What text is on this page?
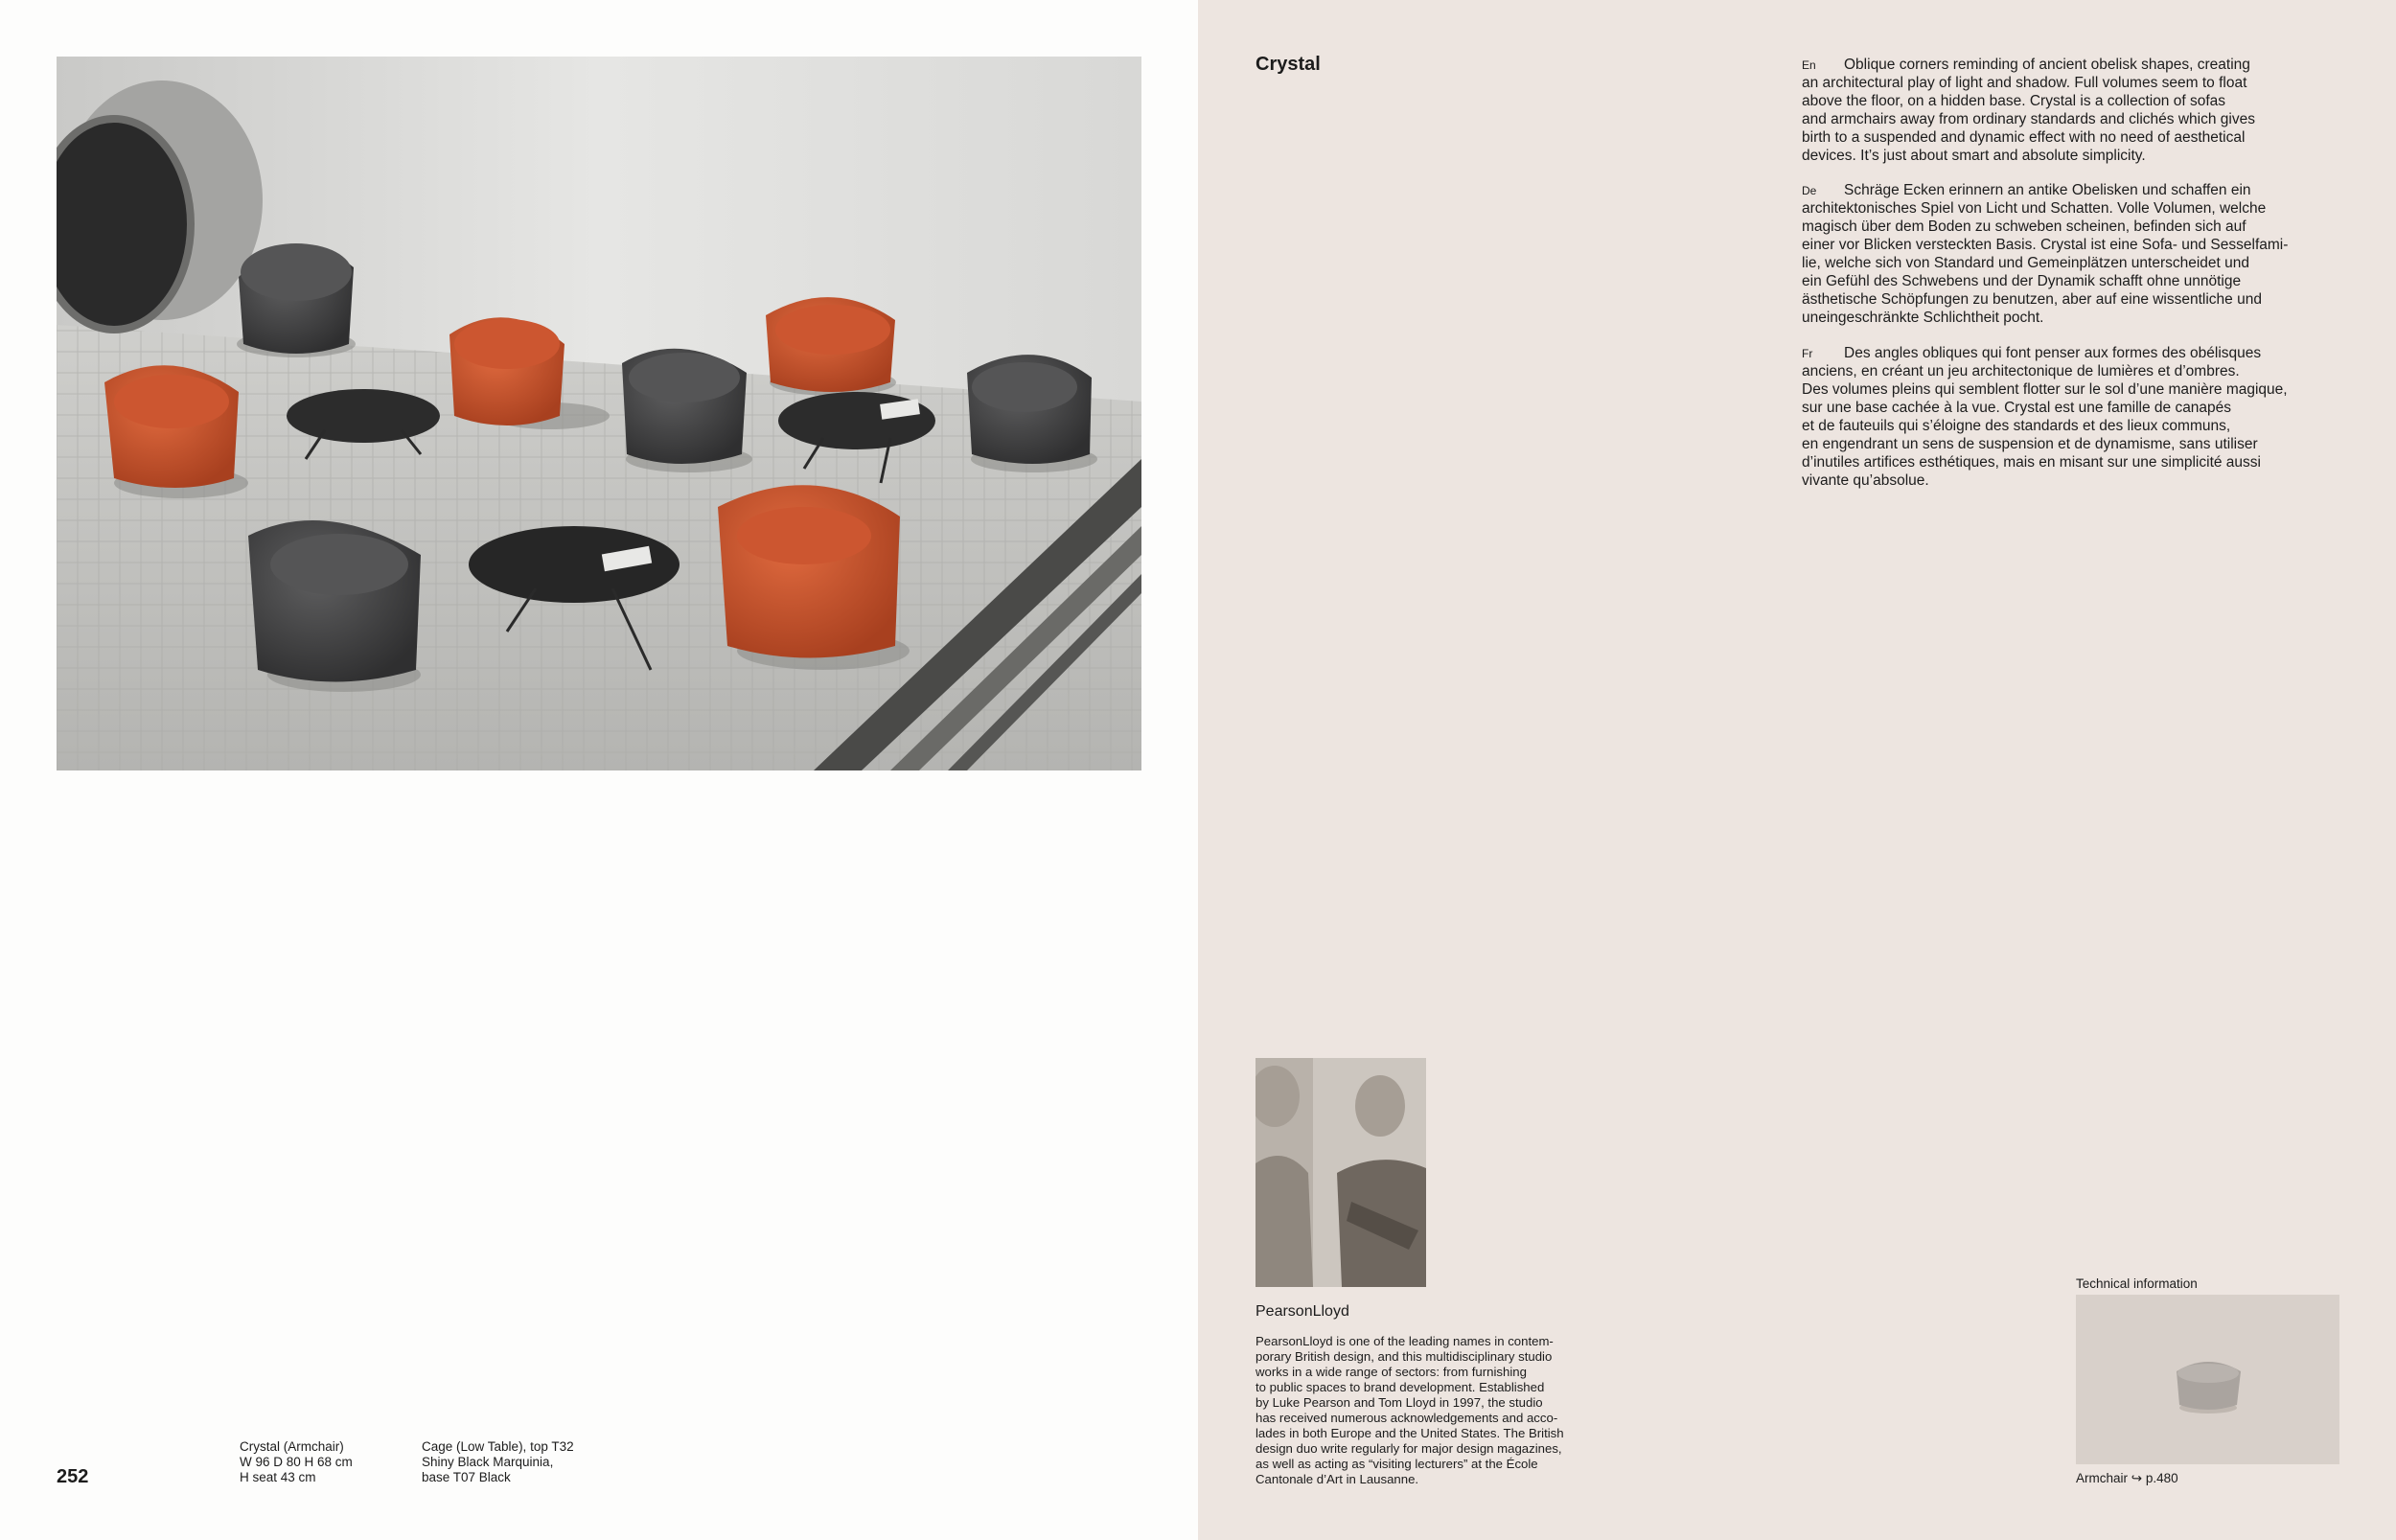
252
Crystal (Armchair)
W 96 D 80 H 68 cm
H seat 43 cm
Cage (Low Table), top T32
Shiny Black Marquinia,
base T07 Black
Crystal	En	Oblique corners reminding of ancient obelisk shapes, creating
an architectural play of light and shadow. Full volumes seem to float
above the floor, on a hidden base. Crystal is a collection of sofas
and armchairs away from ordinary standards and clichés which gives
birth to a suspended and dynamic effect with no need of aesthetical
devices. It’s just about smart and absolute simplicity.

De	Schräge Ecken erinnern an antike Obelisken und schaffen ein
architektonisches Spiel von Licht und Schatten. Volle Volumen, welche
magisch über dem Boden zu schweben scheinen, befinden sich auf
einer vor Blicken versteckten Basis. Crystal ist eine Sofa- und Sesselfami-
lie, welche sich von Standard und Gemeinplätzen unterscheidet und
ein Gefühl des Schwebens und der Dynamik schafft ohne unnötige
ästhetische Schöpfungen zu benutzen, aber auf eine wissentliche und
uneingeschränkte Schlichtheit pocht.

Fr	Des angles obliques qui font penser aux formes des obélisques
anciens, en créant un jeu architectonique de lumières et d’ombres.
Des volumes pleins qui semblent flotter sur le sol d’une manière magique,
sur une base cachée à la vue. Crystal est une famille de canapés
et de fauteuils qui s’éloigne des standards et des lieux communs,
en engendrant un sens de suspension et de dynamisme, sans utiliser
d’inutiles artifices esthétiques, mais en misant sur une simplicité aussi
vivante qu’absolue.

PearsonLloyd

PearsonLloyd is one of the leading names in contem-
porary British design, and this multidisciplinary studio
works in a wide range of sectors: from furnishing
to public spaces to brand development. Established
by Luke Pearson and Tom Lloyd in 1997, the studio
has received numerous acknowledgements and acco-
lades in both Europe and the United States. The British
design duo write regularly for major design magazines,
as well as acting as “visiting lecturers” at the École
Cantonale d’Art in Lausanne.

Technical information
Armchair ↪ p.480
